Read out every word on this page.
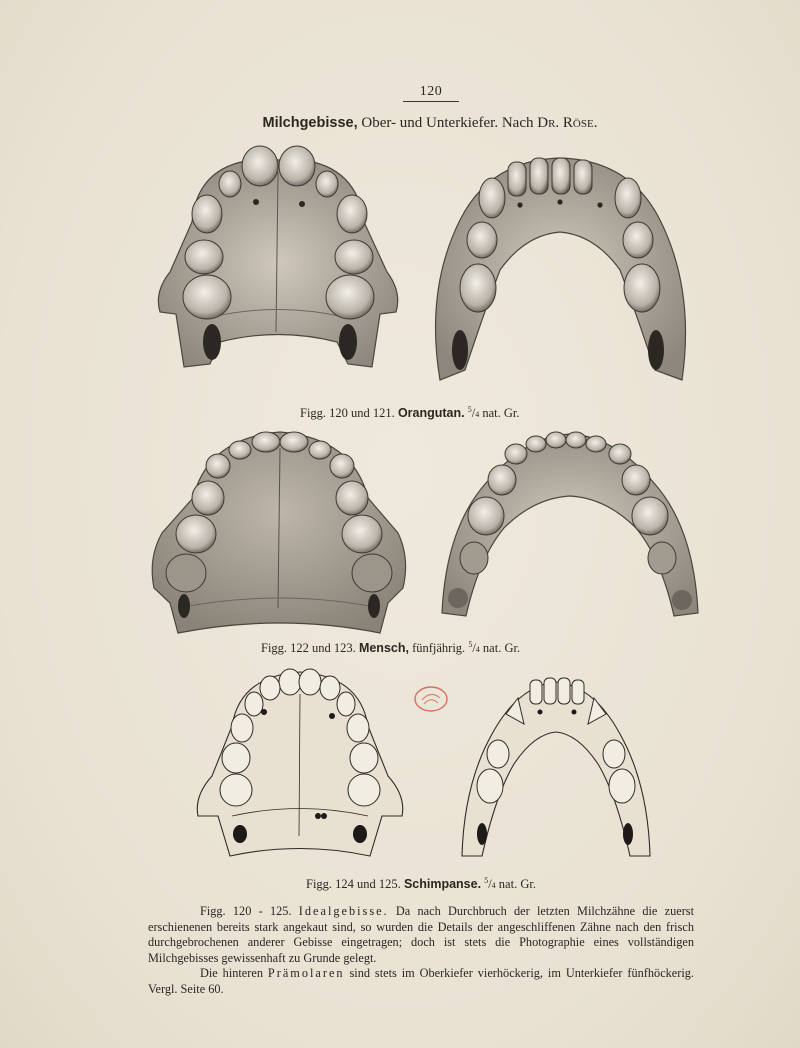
120
Milchgebisse, Ober- und Unterkiefer. Nach Dr. Röse.
Figg. 120 und 121. Orangutan. $^5$/4 nat. Gr.
Figg. 122 und 123. Mensch, fünfjährig. $^5$/4 nat. Gr.
Figg. 124 und 125. Schimpanse. $^5$/4 nat. Gr.

Figg. 120 - 125. Idealgebisse. Da nach Durchbruch der letzten Milchzähne die zuerst erschienenen bereits stark angekaut sind, so wurden die Details der angeschliffenen Zähne nach den frisch durchgebrochenen anderer Gebisse eingetragen; doch ist stets die Photographie eines vollständigen Milchgebisses gewissenhaft zu Grunde gelegt.

Die hinteren Prämolaren sind stets im Oberkiefer vierhöckerig, im Unterkiefer fünfhöckerig. Vergl. Seite 60.
